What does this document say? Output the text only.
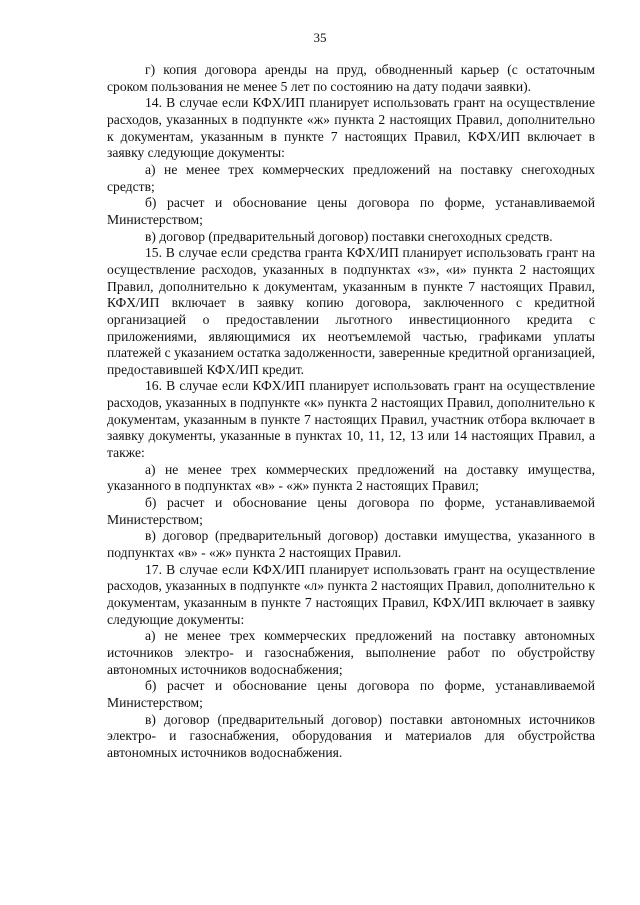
35

г) копия договора аренды на пруд, обводненный карьер (с остаточным сроком пользования не менее 5 лет по состоянию на дату подачи заявки).

14. В случае если КФХ/ИП планирует использовать грант на осуществление расходов, указанных в подпункте «ж» пункта 2 настоящих Правил, дополнительно к документам, указанным в пункте 7 настоящих Правил, КФХ/ИП включает в заявку следующие документы:

а) не менее трех коммерческих предложений на поставку снегоходных средств;

б) расчет и обоснование цены договора по форме, устанавливаемой Министерством;

в) договор (предварительный договор) поставки снегоходных средств.

15. В случае если средства гранта КФХ/ИП планирует использовать грант на осуществление расходов, указанных в подпунктах «з», «и» пункта 2 настоящих Правил, дополнительно к документам, указанным в пункте 7 настоящих Правил, КФХ/ИП включает в заявку копию договора, заключенного с кредитной организацией о предоставлении льготного инвестиционного кредита с приложениями, являющимися их неотъемлемой частью, графиками уплаты платежей с указанием остатка задолженности, заверенные кредитной организацией, предоставившей КФХ/ИП кредит.

16. В случае если КФХ/ИП планирует использовать грант на осуществление расходов, указанных в подпункте «к» пункта 2 настоящих Правил, дополнительно к документам, указанным в пункте 7 настоящих Правил, участник отбора включает в заявку документы, указанные в пунктах 10, 11, 12, 13 или 14 настоящих Правил, а также:

а) не менее трех коммерческих предложений на доставку имущества, указанного в подпунктах «в» - «ж» пункта 2 настоящих Правил;

б) расчет и обоснование цены договора по форме, устанавливаемой Министерством;

в) договор (предварительный договор) доставки имущества, указанного в подпунктах «в» - «ж» пункта 2 настоящих Правил.

17. В случае если КФХ/ИП планирует использовать грант на осуществление расходов, указанных в подпункте «л» пункта 2 настоящих Правил, дополнительно к документам, указанным в пункте 7 настоящих Правил, КФХ/ИП включает в заявку следующие документы:

а) не менее трех коммерческих предложений на поставку автономных источников электро- и газоснабжения, выполнение работ по обустройству автономных источников водоснабжения;

б) расчет и обоснование цены договора по форме, устанавливаемой Министерством;

в) договор (предварительный договор) поставки автономных источников электро- и газоснабжения, оборудования и материалов для обустройства автономных источников водоснабжения.
